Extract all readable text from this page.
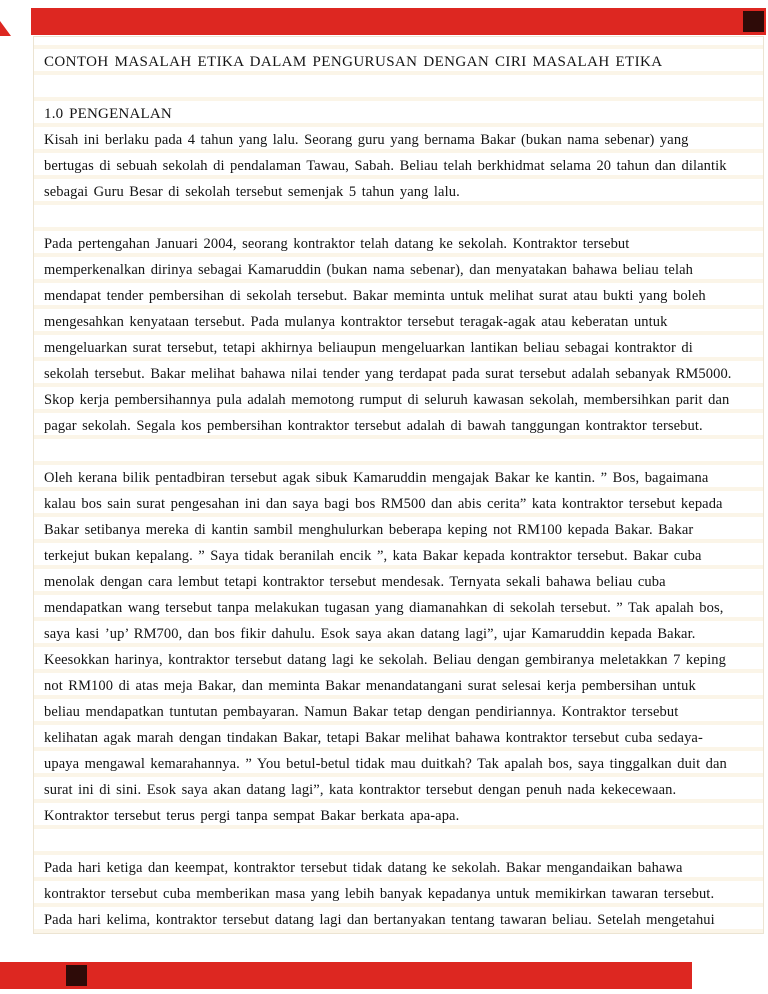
CONTOH MASALAH ETIKA DALAM PENGURUSAN DENGAN CIRI MASALAH ETIKA
1.0 PENGENALAN
Kisah ini berlaku pada 4 tahun yang lalu. Seorang guru yang bernama Bakar (bukan nama sebenar) yang
bertugas di sebuah sekolah di pendalaman Tawau, Sabah. Beliau telah berkhidmat selama 20 tahun dan dilantik
sebagai Guru Besar di sekolah tersebut semenjak 5 tahun yang lalu.
Pada pertengahan Januari 2004, seorang kontraktor telah datang ke sekolah. Kontraktor tersebut
memperkenalkan dirinya sebagai Kamaruddin (bukan nama sebenar), dan menyatakan bahawa beliau telah
mendapat tender pembersihan di sekolah tersebut. Bakar meminta untuk melihat surat atau bukti yang boleh
mengesahkan kenyataan tersebut. Pada mulanya kontraktor tersebut teragak-agak atau keberatan untuk
mengeluarkan surat tersebut, tetapi akhirnya beliaupun mengeluarkan lantikan beliau sebagai kontraktor di
sekolah tersebut. Bakar melihat bahawa nilai tender yang terdapat pada surat tersebut adalah sebanyak RM5000.
Skop kerja pembersihannya pula adalah memotong rumput di seluruh kawasan sekolah, membersihkan parit dan
pagar sekolah. Segala kos pembersihan kontraktor tersebut adalah di bawah tanggungan kontraktor tersebut.
Oleh kerana bilik pentadbiran tersebut agak sibuk Kamaruddin mengajak Bakar ke kantin. ” Bos, bagaimana
kalau bos sain surat pengesahan ini dan saya bagi bos RM500 dan abis cerita” kata kontraktor tersebut kepada
Bakar setibanya mereka di kantin sambil menghulurkan beberapa keping not RM100 kepada Bakar. Bakar
terkejut bukan kepalang. ” Saya tidak beranilah encik ”, kata Bakar kepada kontraktor tersebut. Bakar cuba
menolak dengan cara lembut tetapi kontraktor tersebut mendesak. Ternyata sekali bahawa beliau cuba
mendapatkan wang tersebut tanpa melakukan tugasan yang diamanahkan di sekolah tersebut. ” Tak apalah bos,
saya kasi ’up’ RM700, dan bos fikir dahulu. Esok saya akan datang lagi”, ujar Kamaruddin kepada Bakar.
Keesokkan harinya, kontraktor tersebut datang lagi ke sekolah. Beliau dengan gembiranya meletakkan 7 keping
not RM100 di atas meja Bakar, dan meminta Bakar menandatangani surat selesai kerja pembersihan untuk
beliau mendapatkan tuntutan pembayaran. Namun Bakar tetap dengan pendiriannya. Kontraktor tersebut
kelihatan agak marah dengan tindakan Bakar, tetapi Bakar melihat bahawa kontraktor tersebut cuba sedaya-
upaya mengawal kemarahannya. ” You betul-betul tidak mau duitkah? Tak apalah bos, saya tinggalkan duit dan
surat ini di sini. Esok saya akan datang lagi”, kata kontraktor tersebut dengan penuh nada kekecewaan.
Kontraktor tersebut terus pergi tanpa sempat Bakar berkata apa-apa.
Pada hari ketiga dan keempat, kontraktor tersebut tidak datang ke sekolah. Bakar mengandaikan bahawa
kontraktor tersebut cuba memberikan masa yang lebih banyak kepadanya untuk memikirkan tawaran tersebut.
Pada hari kelima, kontraktor tersebut datang lagi dan bertanyakan tentang tawaran beliau. Setelah mengetahui
